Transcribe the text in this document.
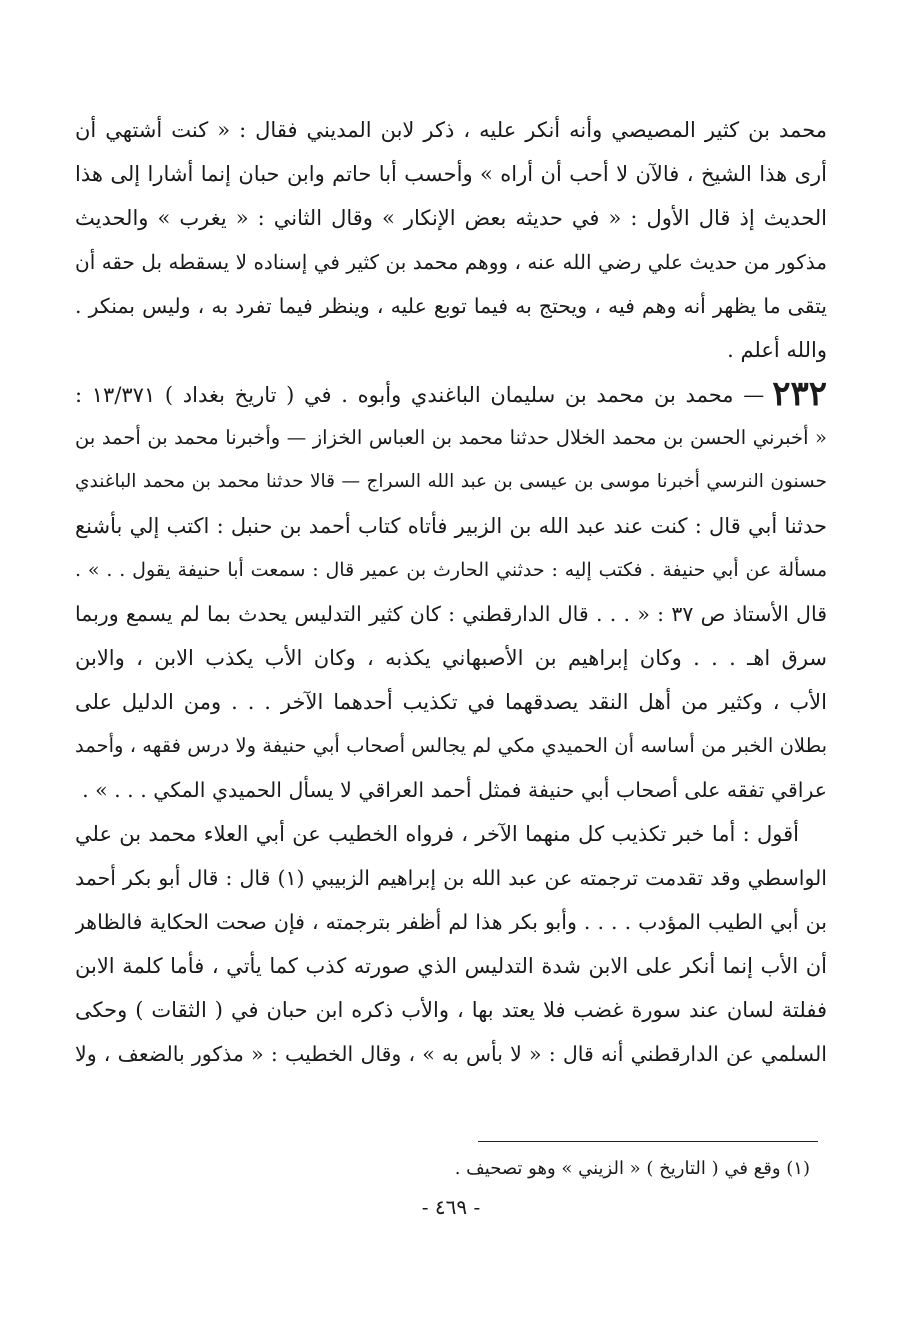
محمد بن كثير المصيصي وأنه أنكر عليه ، ذكر لابن المديني فقال : « كنت أشتهي أن
أرى هذا الشيخ ، فالآن لا أحب أن أراه » وأحسب أبا حاتم وابن حبان إنما أشارا إلى هذا
الحديث إذ قال الأول : « في حديثه بعض الإنكار » وقال الثاني : « يغرب » والحديث
مذكور من حديث علي رضي الله عنه ، ووهم محمد بن كثير في إسناده لا يسقطه بل حقه أن
يتقى ما يظهر أنه وهم فيه ، ويحتج به فيما توبع عليه ، وينظر فيما تفرد به ، وليس بمنكر .
والله أعلم .
٢٣٢— محمد بن محمد بن سليمان الباغندي وأبوه . في ( تاريخ بغداد ) ١٣/٣٧١ :
« أخبرني الحسن بن محمد الخلال حدثنا محمد بن العباس الخزاز — وأخبرنا محمد بن أحمد بن
حسنون النرسي أخبرنا موسى بن عيسى بن عبد الله السراج — قالا حدثنا محمد بن محمد الباغندي
حدثنا أبي قال : كنت عند عبد الله بن الزبير فأتاه كتاب أحمد بن حنبل : اكتب إلي بأشنع
مسألة عن أبي حنيفة . فكتب إليه : حدثني الحارث بن عمير قال : سمعت أبا حنيفة يقول . . » .
قال الأستاذ ص ٣٧ : « . . . قال الدارقطني : كان كثير التدليس يحدث بما لم يسمع وربما
سرق اهـ . . . وكان إبراهيم بن الأصبهاني يكذبه ، وكان الأب يكذب الابن ، والابن
الأب ، وكثير من أهل النقد يصدقهما في تكذيب أحدهما الآخر . . . ومن الدليل على
بطلان الخبر من أساسه أن الحميدي مكي لم يجالس أصحاب أبي حنيفة ولا درس فقهه ، وأحمد
عراقي تفقه على أصحاب أبي حنيفة فمثل أحمد العراقي لا يسأل الحميدي المكي . . . » .
أقول : أما خبر تكذيب كل منهما الآخر ، فرواه الخطيب عن أبي العلاء محمد بن علي
الواسطي وقد تقدمت ترجمته عن عبد الله بن إبراهيم الزبيبي (١) قال : قال أبو بكر أحمد
بن أبي الطيب المؤدب . . . . وأبو بكر هذا لم أظفر بترجمته ، فإن صحت الحكاية فالظاهر
أن الأب إنما أنكر على الابن شدة التدليس الذي صورته كذب كما يأتي ، فأما كلمة الابن
ففلتة لسان عند سورة غضب فلا يعتد بها ، والأب ذكره ابن حبان في ( الثقات ) وحكى
السلمي عن الدارقطني أنه قال : « لا بأس به » ، وقال الخطيب : « مذكور بالضعف ، ولا
(١) وقع في ( التاريخ ) « الزيني » وهو تصحيف .
- ٤٦٩ -
